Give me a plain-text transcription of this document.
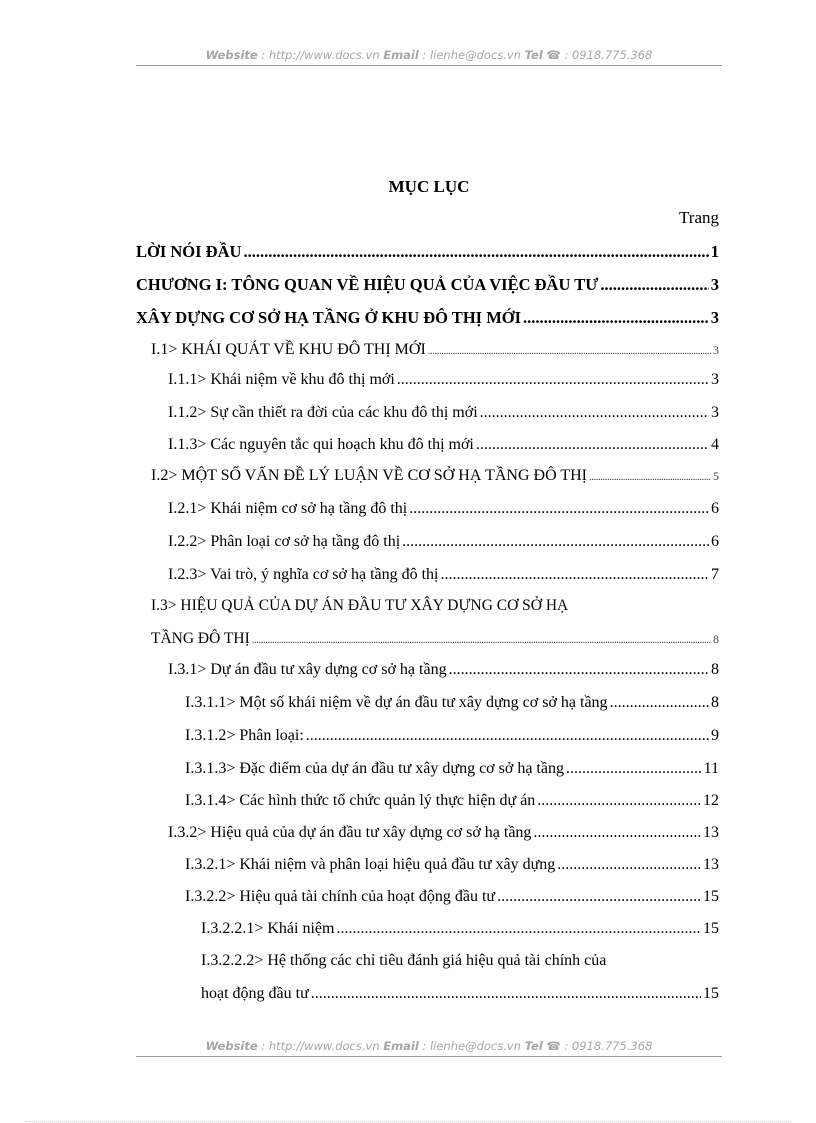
Website : http://www.docs.vn Email : lienhe@docs.vn Tel ☎ : 0918.775.368
MỤC LỤC
Trang
LỜI NÓI ĐẦU .....	1
CHƯƠNG I: TÔNG QUAN VỀ HIỆU QUẢ CỦA VIỆC ĐẦU TƯ .....	3
XÂY DỰNG CƠ SỞ HẠ TẦNG Ở KHU ĐÔ THỊ MỚI .....	3
I.1> KHÁI QUÁT VỀ KHU ĐÔ THỊ MỚI .....	3
I.1.1> Khái niệm về khu đô thị mới .....	3
I.1.2> Sự cần thiết ra đời của các khu đô thị mới .....	3
I.1.3> Các nguyên tắc qui hoạch khu đô thị mới .....	4
I.2> MỘT SỐ VẤN ĐỀ LÝ LUẬN VỀ CƠ SỞ HẠ TẦNG ĐÔ THỊ .....	5
I.2.1> Khái niệm cơ sở hạ tầng đô thị .....	6
I.2.2> Phân loại cơ sở hạ tầng đô thị .....	6
I.2.3> Vai trò, ý nghĩa cơ sở hạ tầng đô thị .....	7
I.3> HIỆU QUẢ CỦA DỰ ÁN ĐẦU TƯ XÂY DỰNG CƠ SỞ HẠ
TẦNG ĐÔ THỊ .....	8
I.3.1> Dự án đầu tư xây dựng cơ sở hạ tầng .....	8
I.3.1.1> Một số khái niệm về dự án đầu tư xây dựng cơ sở hạ tầng .....	8
I.3.1.2> Phân loại: .....	9
I.3.1.3> Đặc điểm của dự án đầu tư xây dựng cơ sở hạ tầng .....	11
I.3.1.4> Các hình thức tổ chức quản lý thực hiện dự án .....	12
I.3.2> Hiệu quả của dự án đầu tư xây dựng cơ sở hạ tầng .....	13
I.3.2.1> Khái niệm và phân loại hiệu quả đầu tư xây dựng .....	13
I.3.2.2> Hiệu quả tài chính của hoạt động đầu tư .....	15
I.3.2.2.1> Khái niệm .....	15
I.3.2.2.2> Hệ thống các chỉ tiêu đánh giá hiệu quả tài chính của
hoạt động đầu tư .....	15
Website : http://www.docs.vn Email : lienhe@docs.vn Tel ☎ : 0918.775.368
